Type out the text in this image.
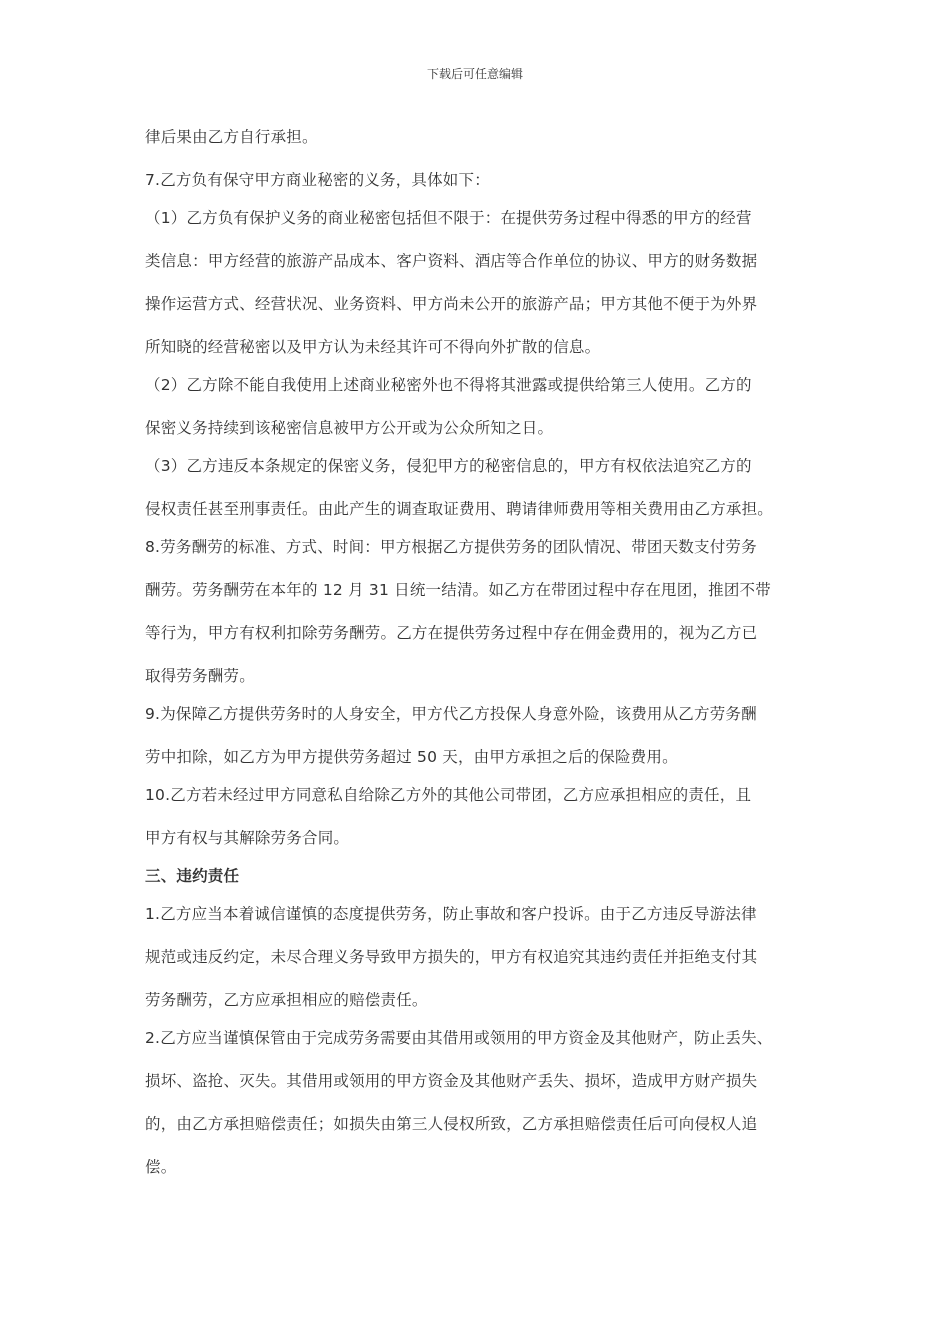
下载后可任意编辑
律后果由乙方自行承担。
7.乙方负有保守甲方商业秘密的义务，具体如下：
（1）乙方负有保护义务的商业秘密包括但不限于：在提供劳务过程中得悉的甲方的经营
类信息：甲方经营的旅游产品成本、客户资料、酒店等合作单位的协议、甲方的财务数据
操作运营方式、经营状况、业务资料、甲方尚未公开的旅游产品；甲方其他不便于为外界
所知晓的经营秘密以及甲方认为未经其许可不得向外扩散的信息。
（2）乙方除不能自我使用上述商业秘密外也不得将其泄露或提供给第三人使用。乙方的
保密义务持续到该秘密信息被甲方公开或为公众所知之日。
（3）乙方违反本条规定的保密义务，侵犯甲方的秘密信息的，甲方有权依法追究乙方的
侵权责任甚至刑事责任。由此产生的调查取证费用、聘请律师费用等相关费用由乙方承担。
8.劳务酬劳的标准、方式、时间：甲方根据乙方提供劳务的团队情况、带团天数支付劳务
酬劳。劳务酬劳在本年的 12 月 31 日统一结清。如乙方在带团过程中存在甩团，推团不带
等行为，甲方有权利扣除劳务酬劳。乙方在提供劳务过程中存在佣金费用的，视为乙方已
取得劳务酬劳。
9.为保障乙方提供劳务时的人身安全，甲方代乙方投保人身意外险，该费用从乙方劳务酬
劳中扣除，如乙方为甲方提供劳务超过 50 天，由甲方承担之后的保险费用。
10.乙方若未经过甲方同意私自给除乙方外的其他公司带团，乙方应承担相应的责任，且
甲方有权与其解除劳务合同。
三、违约责任
1.乙方应当本着诚信谨慎的态度提供劳务，防止事故和客户投诉。由于乙方违反导游法律
规范或违反约定，未尽合理义务导致甲方损失的，甲方有权追究其违约责任并拒绝支付其
劳务酬劳，乙方应承担相应的赔偿责任。
2.乙方应当谨慎保管由于完成劳务需要由其借用或领用的甲方资金及其他财产，防止丢失、
损坏、盗抢、灭失。其借用或领用的甲方资金及其他财产丢失、损坏，造成甲方财产损失
的，由乙方承担赔偿责任；如损失由第三人侵权所致，乙方承担赔偿责任后可向侵权人追
偿。
